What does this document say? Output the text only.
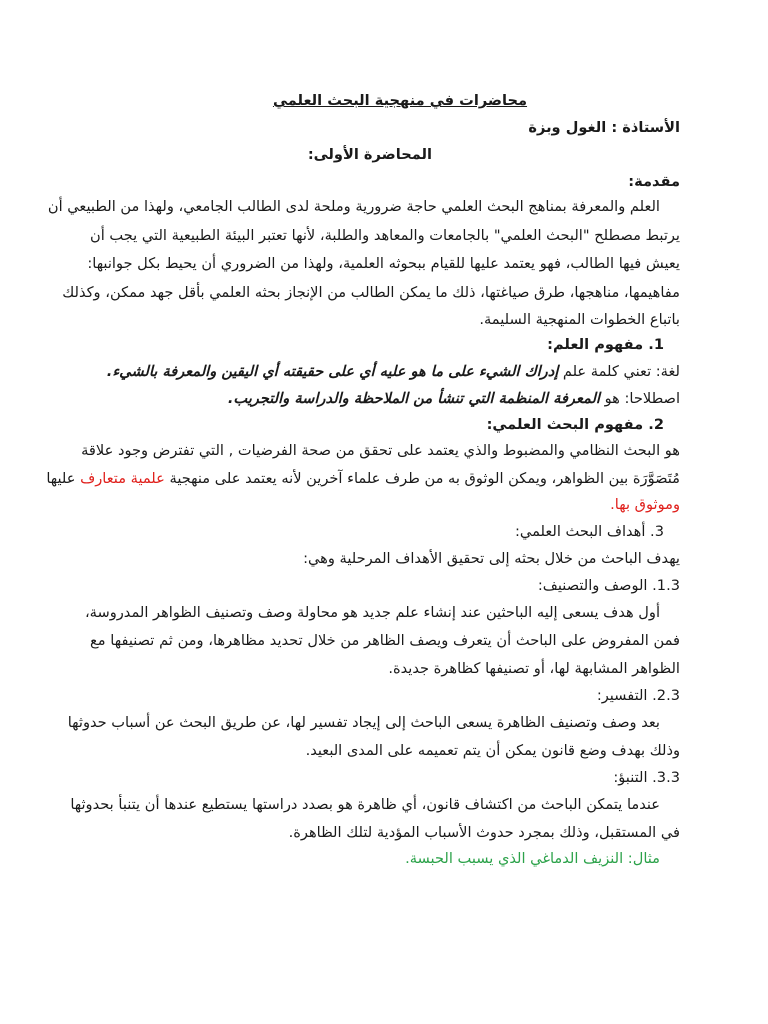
محاضرات في منهجية البحث العلمي
الأستاذة : الغول وبزة
المحاضرة الأولى:
مقدمة:
العلم والمعرفة بمناهج البحث العلمي حاجة ضرورية وملحة لدى الطالب الجامعي، ولهذا من الطبيعي أن
يرتبط مصطلح "البحث العلمي" بالجامعات والمعاهد والطلبة، لأنها تعتبر البيئة الطبيعية التي يجب أن
يعيش فيها الطالب، فهو يعتمد عليها للقيام ببحوثه العلمية، ولهذا من الضروري أن يحيط بكل جوانبها:
مفاهيمها، مناهجها، طرق صياغتها، ذلك ما يمكن الطالب من الإنجاز بحثه العلمي بأقل جهد ممكن، وكذلك
باتباع الخطوات المنهجية السليمة.
1. مفهوم العلم:
لغة: تعني كلمة علم إدراك الشيء على ما هو عليه أي على حقيقته أي اليقين والمعرفة بالشيء.
اصطلاحا: هو المعرفة المنظمة التي تنشأ من الملاحظة والدراسة والتجريب.
2. مفهوم البحث العلمي:
هو البحث النظامي والمضبوط والذي يعتمد على تحقق من صحة الفرضيات , التي تفترض وجود علاقة
مُتَصَوَّرَة بين الظواهر، ويمكن الوثوق به من طرف علماء آخرين لأنه يعتمد على منهجية علمية متعارف عليها
وموثوق بها.
3. أهداف البحث العلمي:
يهدف الباحث من خلال بحثه إلى تحقيق الأهداف المرحلية وهي:
1.3. الوصف والتصنيف:
أول هدف يسعى إليه الباحثين عند إنشاء علم جديد هو محاولة وصف وتصنيف الظواهر المدروسة،
فمن المفروض على الباحث أن يتعرف ويصف الظاهر من خلال تحديد مظاهرها، ومن ثم تصنيفها مع
الظواهر المشابهة لها، أو تصنيفها كظاهرة جديدة.
2.3. التفسير:
بعد وصف وتصنيف الظاهرة يسعى الباحث إلى إيجاد تفسير لها، عن طريق البحث عن أسباب حدوثها
وذلك بهدف وضع قانون يمكن أن يتم تعميمه على المدى البعيد.
3.3. التنبؤ:
عندما يتمكن الباحث من اكتشاف قانون، أي ظاهرة هو بصدد دراستها يستطيع عندها أن يتنبأ بحدوثها
في المستقبل، وذلك بمجرد حدوث الأسباب المؤدية لتلك الظاهرة.
مثال: النزيف الدماغي الذي يسبب الحبسة.
